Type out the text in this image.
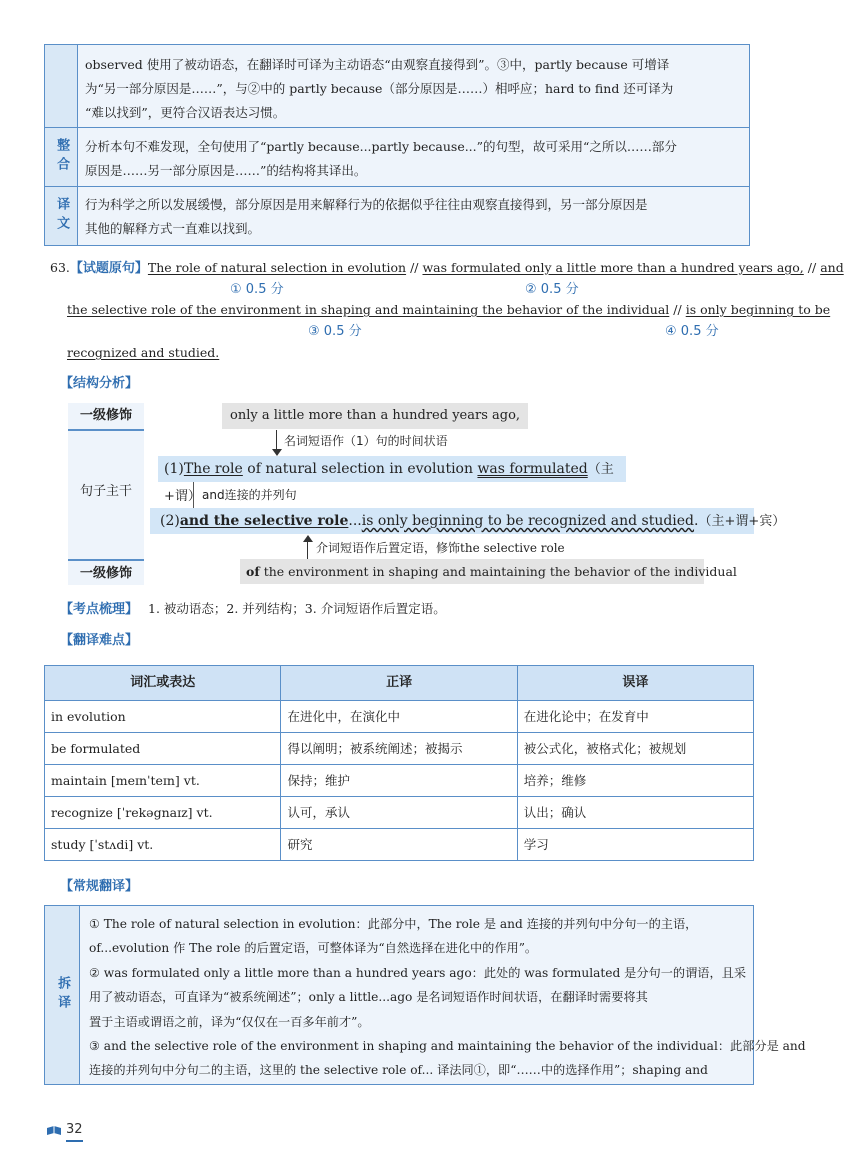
observed 使用了被动语态，在翻译时可译为主动语态“由观察直接得到”。③中，partly because 可增译
为“另一部分原因是……”，与②中的 partly because（部分原因是……）相呼应；hard to find 还可译为
“难以找到”，更符合汉语表达习惯。
整合	分析本句不难发现，全句使用了“partly because...partly because...”的句型，故可采用“之所以……部分
原因是……另一部分原因是……”的结构将其译出。
译文	行为科学之所以发展缓慢，部分原因是用来解释行为的依据似乎往往由观察直接得到，另一部分原因是
其他的解释方式一直难以找到。
63.【试题原句】The role of natural selection in evolution // was formulated only a little more than a hundred years ago, // and
① 0.5 分	② 0.5 分
the selective role of the environment in shaping and maintaining the behavior of the individual // is only beginning to be
③ 0.5 分	④ 0.5 分
recognized and studied.
【结构分析】
一级修饰
句子主干
一级修饰
only a little more than a hundred years ago,
名词短语作（1）句的时间状语
(1)The role of natural selection in evolution was formulated（主+谓） and连接的并列句
(2)and the selective role...is only beginning to be recognized and studied.（主+谓+宾）
介词短语作后置定语，修饰the selective role
of the environment in shaping and maintaining the behavior of the individual
【考点梳理】 1. 被动语态；2. 并列结构；3. 介词短语作后置定语。
【翻译难点】
词汇或表达	正译	误译
in evolution	在进化中，在演化中	在进化论中；在发育中
be formulated	得以阐明；被系统阐述；被揭示	被公式化，被格式化；被规划
maintain [meɪnˈteɪn] vt.	保持；维护	培养；维修
recognize [ˈrekəgnaɪz] vt.	认可，承认	认出；确认
study [ˈstʌdi] vt.	研究	学习
【常规翻译】
拆译
① The role of natural selection in evolution：此部分中，The role 是 and 连接的并列句中分句一的主语，
of...evolution 作 The role 的后置定语，可整体译为“自然选择在进化中的作用”。
② was formulated only a little more than a hundred years ago：此处的 was formulated 是分句一的谓语，且采
用了被动语态，可直译为“被系统阐述”；only a little...ago 是名词短语作时间状语，在翻译时需要将其
置于主语或谓语之前，译为“仅仅在一百多年前才”。
③ and the selective role of the environment in shaping and maintaining the behavior of the individual：此部分是 and
连接的并列句中分句二的主语，这里的 the selective role of... 译法同①，即“……中的选择作用”；shaping and
32
